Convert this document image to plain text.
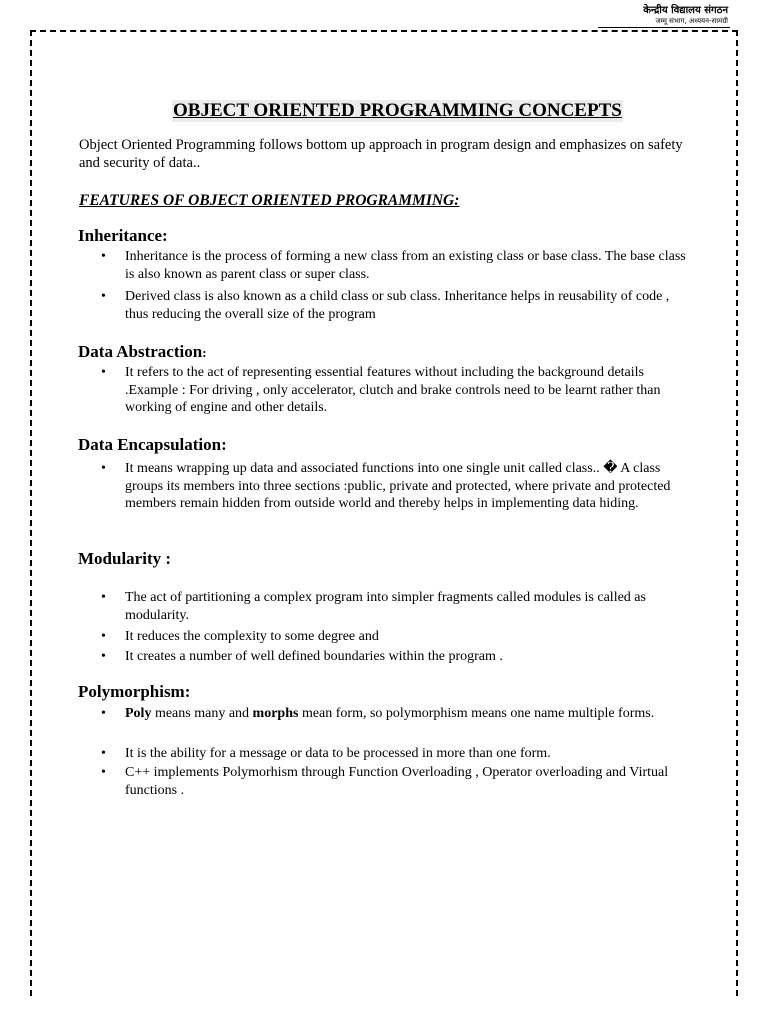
केन्द्रीय विद्यालय संगठन
जम्मू संभाग, अध्ययन-सामग्री
OBJECT ORIENTED PROGRAMMING CONCEPTS

Object Oriented Programming follows bottom up approach in program design and emphasizes on safety and security of data..

FEATURES OF OBJECT ORIENTED PROGRAMMING:
Inheritance:
• Inheritance is the process of forming a new class from an existing class or base class. The base class is also known as parent class or super class.
• Derived class is also known as a child class or sub class. Inheritance helps in reusability of code , thus reducing the overall size of the program
Data Abstraction:
• It refers to the act of representing essential features without including the background details .Example : For driving , only accelerator, clutch and brake controls need to be learnt rather than working of engine and other details.
Data Encapsulation:
• It means wrapping up data and associated functions into one single unit called class.. � A class groups its members into three sections :public, private and protected, where private and protected members remain hidden from outside world and thereby helps in implementing data hiding.
Modularity :
• The act of partitioning a complex program into simpler fragments called modules is called as modularity.
• It reduces the complexity to some degree and
• It creates a number of well defined boundaries within the program .
Polymorphism:
• Poly means many and morphs mean form, so polymorphism means one name multiple forms.
• It is the ability for a message or data to be processed in more than one form.
• C++ implements Polymorhism through Function Overloading , Operator overloading and Virtual functions .
